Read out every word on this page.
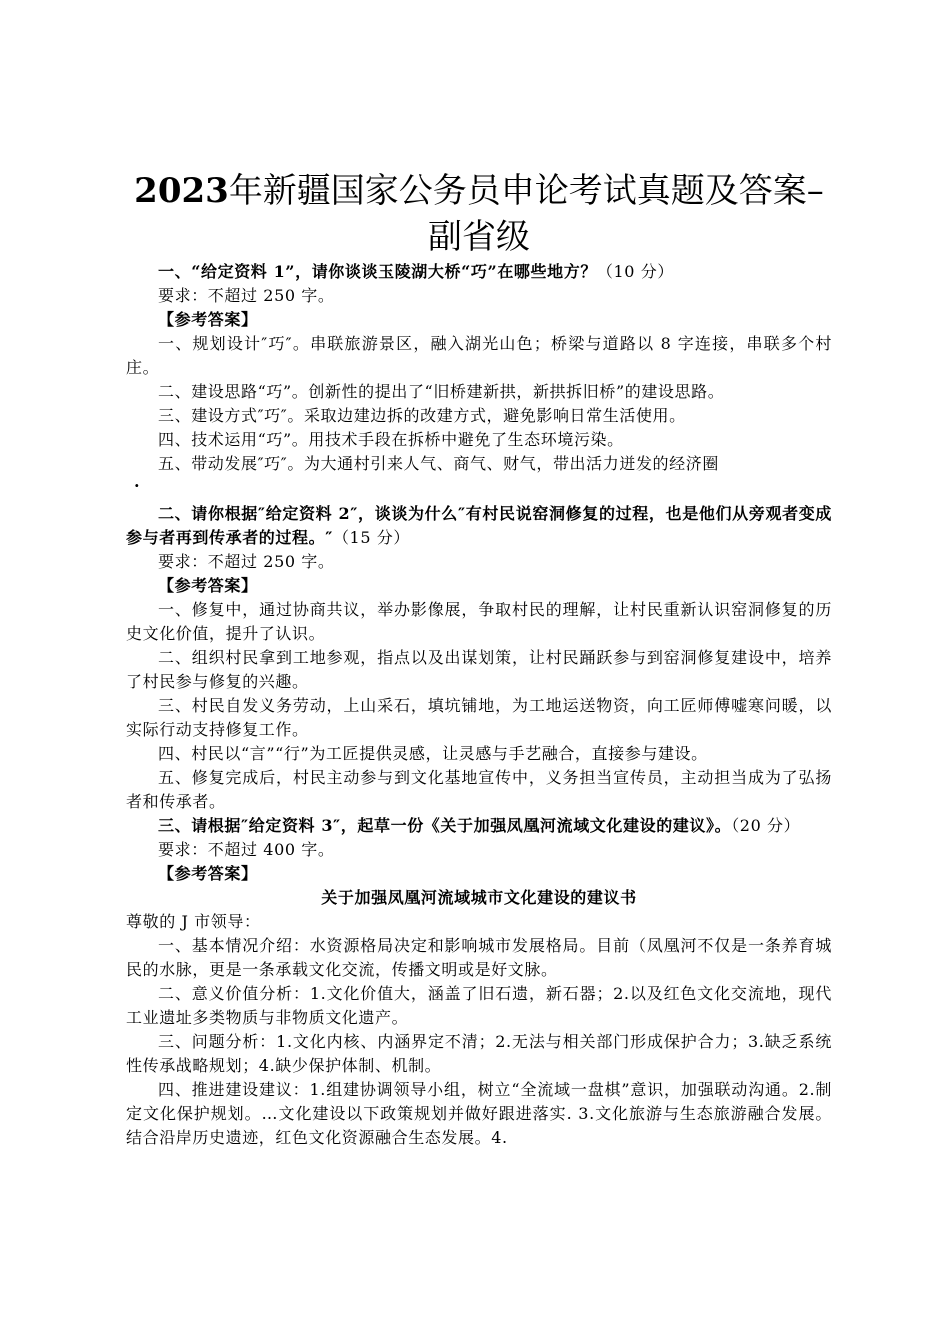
2023年新疆国家公务员申论考试真题及答案–
副省级

一、“给定资料 1”，请你谈谈玉陵湖大桥“巧”在哪些地方？（10 分）

要求：不超过 250 字。

【参考答案】

一、规划设计″巧″。串联旅游景区，融入湖光山色；桥梁与道路以 8 字连接，串联多个村庄。

二、建设思路“巧”。创新性的提出了“旧桥建新拱，新拱拆旧桥”的建设思路。

三、建设方式″巧″。采取边建边拆的改建方式，避免影响日常生活使用。

四、技术运用“巧”。用技术手段在拆桥中避免了生态环境污染。

五、带动发展″巧″。为大通村引来人气、商气、财气，带出活力迸发的经济圈

·

二、请你根据″给定资料 2″，谈谈为什么″有村民说窑洞修复的过程，也是他们从旁观者变成参与者再到传承者的过程。″（15 分）

要求：不超过 250 字。

【参考答案】

一、修复中，通过协商共议，举办影像展，争取村民的理解，让村民重新认识窑洞修复的历史文化价值，提升了认识。

二、组织村民拿到工地参观，指点以及出谋划策，让村民踊跃参与到窑洞修复建设中，培养了村民参与修复的兴趣。

三、村民自发义务劳动，上山采石，填坑铺地，为工地运送物资，向工匠师傅嘘寒问暖，以实际行动支持修复工作。

四、村民以“言”“行”为工匠提供灵感，让灵感与手艺融合，直接参与建设。

五、修复完成后，村民主动参与到文化基地宣传中，义务担当宣传员，主动担当成为了弘扬者和传承者。

三、请根据″给定资料 3″，起草一份《关于加强凤凰河流域文化建设的建议》。（20 分）

要求：不超过 400 字。

【参考答案】

关于加强凤凰河流域城市文化建设的建议书

尊敬的 J 市领导：

一、基本情况介绍：水资源格局决定和影响城市发展格局。目前（凤凰河不仅是一条养育城民的水脉，更是一条承载文化交流，传播文明或是好文脉。

二、意义价值分析：1.文化价值大，涵盖了旧石遗，新石器；2.以及红色文化交流地，现代工业遗址多类物质与非物质文化遗产。

三、问题分析：1.文化内核、内涵界定不清；2.无法与相关部门形成保护合力；3.缺乏系统性传承战略规划；4.缺少保护体制、机制。

四、推进建设建议：1.组建协调领导小组，树立“全流域一盘棋”意识，加强联动沟通。2.制定文化保护规划。…文化建设以下政策规划并做好跟进落实. 3.文化旅游与生态旅游融合发展。结合沿岸历史遗迹，红色文化资源融合生态发展。4.
